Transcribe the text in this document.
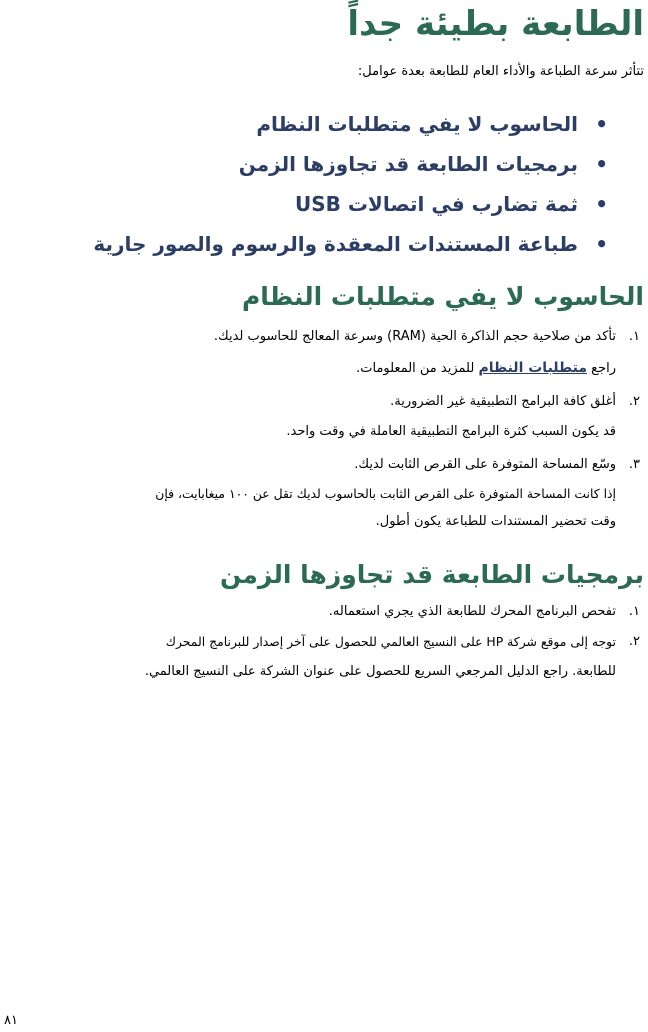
الطابعة بطيئة جداً

تتأثر سرعة الطباعة والأداء العام للطابعة بعدة عوامل:

•
الحاسوب لا يفي متطلبات النظام
•
برمجيات الطابعة قد تجاوزها الزمن
•
ثمة تضارب في اتصالات USB
•
طباعة المستندات المعقدة والرسوم والصور جارية
الحاسوب لا يفي متطلبات النظام
١.
تأكد من صلاحية حجم الذاكرة الحية (RAM) وسرعة المعالج للحاسوب لديك.
راجع متطلبات النظام للمزيد من المعلومات.
٢.
أغلق كافة البرامج التطبيقية غير الضرورية.
قد يكون السبب كثرة البرامج التطبيقية العاملة في وقت واحد.
٣.
وسّع المساحة المتوفرة على القرص الثابت لديك.
إذا كانت المساحة المتوفرة على القرص الثابت بالحاسوب لديك تقل عن ١٠٠ ميغابايت، فإن
وقت تحضير المستندات للطباعة يكون أطول.
برمجيات الطابعة قد تجاوزها الزمن
١.
تفحص البرنامج المحرك للطابعة الذي يجري استعماله.
٢.
توجه إلى موقع شركة HP على النسيج العالمي للحصول على آخر إصدار للبرنامج المحرك
للطابعة. راجع الدليل المرجعي السريع للحصول على عنوان الشركة على النسيج العالمي.
٨١
